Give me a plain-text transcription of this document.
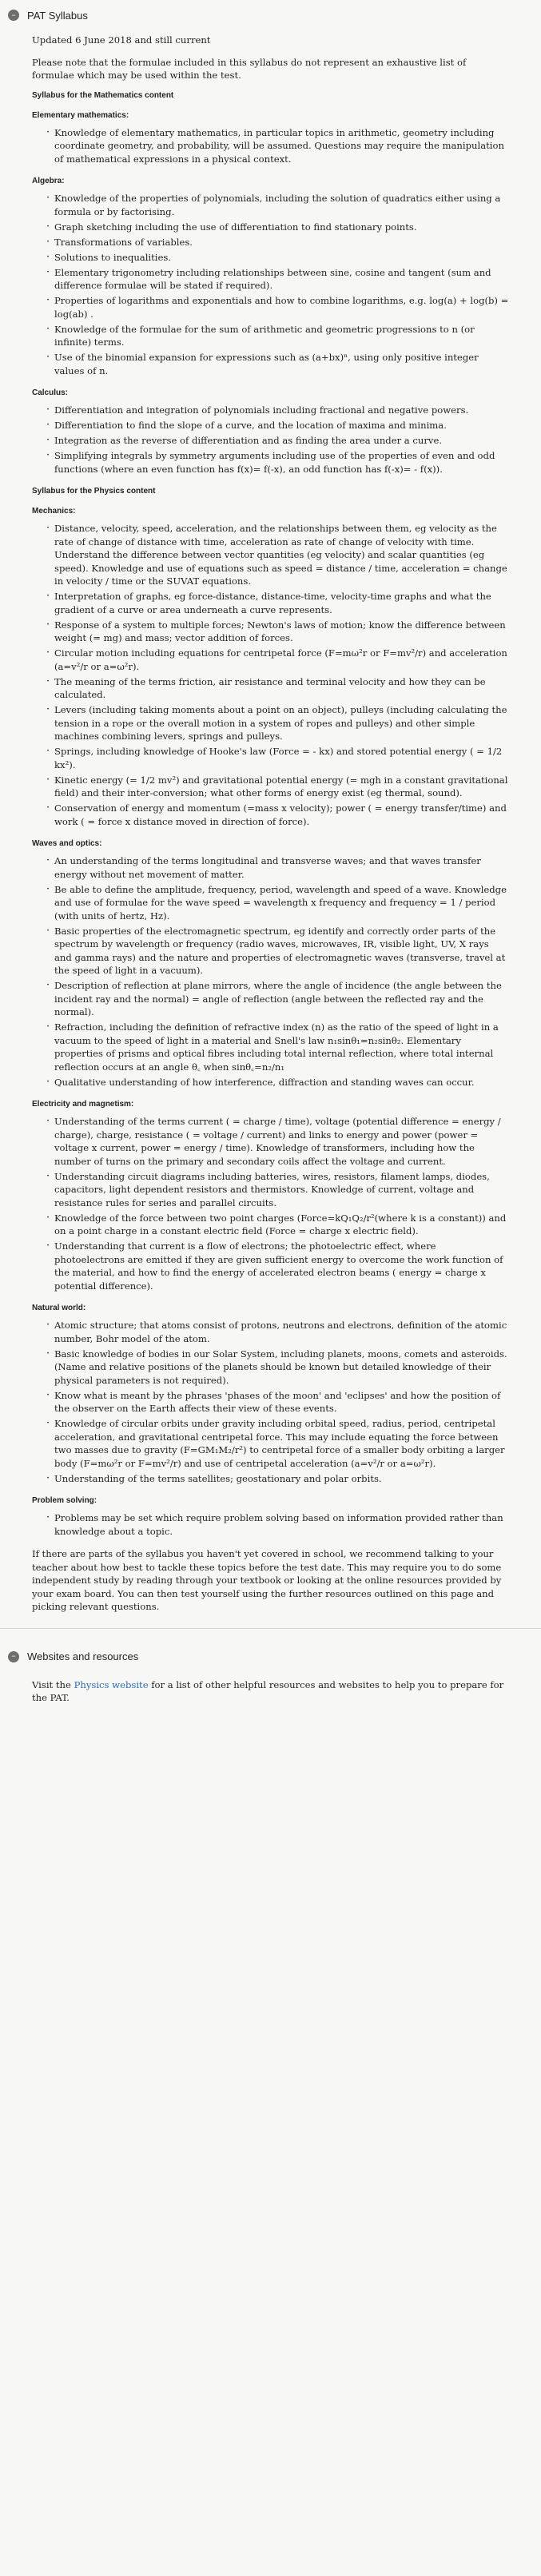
−	PAT Syllabus

Updated 6 June 2018 and still current

Please note that the formulae included in this syllabus do not represent an exhaustive list of formulae which may be used within the test.

Syllabus for the Mathematics content
Elementary mathematics:
· Knowledge of elementary mathematics, in particular topics in arithmetic, geometry including coordinate geometry, and probability, will be assumed. Questions may require the manipulation of mathematical expressions in a physical context.
Algebra:
· Knowledge of the properties of polynomials, including the solution of quadratics either using a formula or by factorising.
· Graph sketching including the use of differentiation to find stationary points.
· Transformations of variables.
· Solutions to inequalities.
· Elementary trigonometry including relationships between sine, cosine and tangent (sum and difference formulae will be stated if required).
· Properties of logarithms and exponentials and how to combine logarithms, e.g. log(a) + log(b) = log(ab) .
· Knowledge of the formulae for the sum of arithmetic and geometric progressions to n (or infinite) terms.
· Use of the binomial expansion for expressions such as (a+bx)ⁿ, using only positive integer values of n.
Calculus:
· Differentiation and integration of polynomials including fractional and negative powers.
· Differentiation to find the slope of a curve, and the location of maxima and minima.
· Integration as the reverse of differentiation and as finding the area under a curve.
· Simplifying integrals by symmetry arguments including use of the properties of even and odd functions (where an even function has f(x)= f(-x), an odd function has f(-x)= - f(x)).
Syllabus for the Physics content
Mechanics:
· Distance, velocity, speed, acceleration, and the relationships between them, eg velocity as the rate of change of distance with time, acceleration as rate of change of velocity with time. Understand the difference between vector quantities (eg velocity) and scalar quantities (eg speed). Knowledge and use of equations such as speed = distance / time, acceleration = change in velocity / time or the SUVAT equations.
· Interpretation of graphs, eg force-distance, distance-time, velocity-time graphs and what the gradient of a curve or area underneath a curve represents.
· Response of a system to multiple forces; Newton's laws of motion; know the difference between weight (= mg) and mass; vector addition of forces.
· Circular motion including equations for centripetal force (F=mω²r or F=mv²/r) and acceleration (a=v²/r or a=ω²r).
· The meaning of the terms friction, air resistance and terminal velocity and how they can be calculated.
· Levers (including taking moments about a point on an object), pulleys (including calculating the tension in a rope or the overall motion in a system of ropes and pulleys) and other simple machines combining levers, springs and pulleys.
· Springs, including knowledge of Hooke's law (Force = - kx) and stored potential energy ( = 1/2 kx²).
· Kinetic energy (= 1/2 mv²) and gravitational potential energy (= mgh in a constant gravitational field) and their inter-conversion; what other forms of energy exist (eg thermal, sound).
· Conservation of energy and momentum (=mass x velocity); power ( = energy transfer/time) and work ( = force x distance moved in direction of force).
Waves and optics:
· An understanding of the terms longitudinal and transverse waves; and that waves transfer energy without net movement of matter.
· Be able to define the amplitude, frequency, period, wavelength and speed of a wave. Knowledge and use of formulae for the wave speed = wavelength x frequency and frequency = 1 / period (with units of hertz, Hz).
· Basic properties of the electromagnetic spectrum, eg identify and correctly order parts of the spectrum by wavelength or frequency (radio waves, microwaves, IR, visible light, UV, X rays and gamma rays) and the nature and properties of electromagnetic waves (transverse, travel at the speed of light in a vacuum).
· Description of reflection at plane mirrors, where the angle of incidence (the angle between the incident ray and the normal) = angle of reflection (angle between the reflected ray and the normal).
· Refraction, including the definition of refractive index (n) as the ratio of the speed of light in a vacuum to the speed of light in a material and Snell's law n₁sinθ₁=n₂sinθ₂. Elementary properties of prisms and optical fibres including total internal reflection, where total internal reflection occurs at an angle θ꜀ when sinθ꜀=n₂/n₁
· Qualitative understanding of how interference, diffraction and standing waves can occur.
Electricity and magnetism:
· Understanding of the terms current ( = charge / time), voltage (potential difference = energy / charge), charge, resistance ( = voltage / current) and links to energy and power (power = voltage x current, power = energy / time). Knowledge of transformers, including how the number of turns on the primary and secondary coils affect the voltage and current.
· Understanding circuit diagrams including batteries, wires, resistors, filament lamps, diodes, capacitors, light dependent resistors and thermistors. Knowledge of current, voltage and resistance rules for series and parallel circuits.
· Knowledge of the force between two point charges (Force=kQ₁Q₂/r²(where k is a constant)) and on a point charge in a constant electric field (Force = charge x electric field).
· Understanding that current is a flow of electrons; the photoelectric effect, where photoelectrons are emitted if they are given sufficient energy to overcome the work function of the material, and how to find the energy of accelerated electron beams ( energy = charge x potential difference).
Natural world:
· Atomic structure; that atoms consist of protons, neutrons and electrons, definition of the atomic number, Bohr model of the atom.
· Basic knowledge of bodies in our Solar System, including planets, moons, comets and asteroids. (Name and relative positions of the planets should be known but detailed knowledge of their physical parameters is not required).
· Know what is meant by the phrases 'phases of the moon' and 'eclipses' and how the position of the observer on the Earth affects their view of these events.
· Knowledge of circular orbits under gravity including orbital speed, radius, period, centripetal acceleration, and gravitational centripetal force. This may include equating the force between two masses due to gravity (F=GM₁M₂/r²) to centripetal force of a smaller body orbiting a larger body (F=mω²r or F=mv²/r) and use of centripetal acceleration (a=v²/r or a=ω²r).
· Understanding of the terms satellites; geostationary and polar orbits.
Problem solving:
· Problems may be set which require problem solving based on information provided rather than knowledge about a topic.

If there are parts of the syllabus you haven't yet covered in school, we recommend talking to your teacher about how best to tackle these topics before the test date. This may require you to do some independent study by reading through your textbook or looking at the online resources provided by your exam board. You can then test yourself using the further resources outlined on this page and picking relevant questions.

−	Websites and resources

Visit the Physics website for a list of other helpful resources and websites to help you to prepare for the PAT.
